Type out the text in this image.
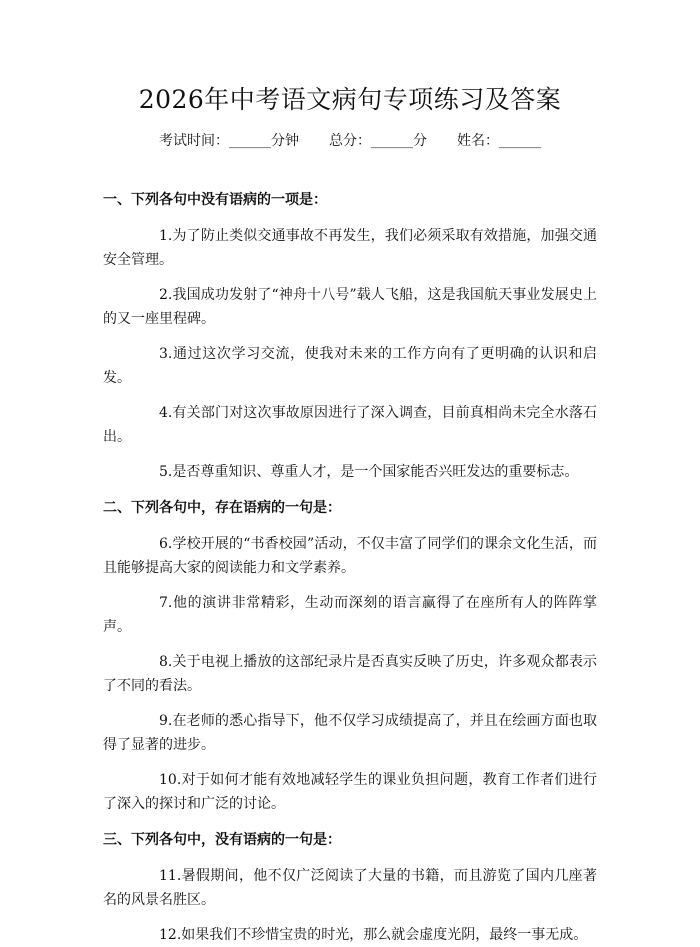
2026年中考语文病句专项练习及答案
考试时间：______分钟 总分：______分 姓名：______

一、下列各句中没有语病的一项是：

1.为了防止类似交通事故不再发生，我们必须采取有效措施，加强交通安全管理。

2.我国成功发射了“神舟十八号”载人飞船，这是我国航天事业发展史上的又一座里程碑。

3.通过这次学习交流，使我对未来的工作方向有了更明确的认识和启发。

4.有关部门对这次事故原因进行了深入调查，目前真相尚未完全水落石出。

5.是否尊重知识、尊重人才，是一个国家能否兴旺发达的重要标志。

二、下列各句中，存在语病的一句是：

6.学校开展的“书香校园”活动，不仅丰富了同学们的课余文化生活，而且能够提高大家的阅读能力和文学素养。

7.他的演讲非常精彩，生动而深刻的语言赢得了在座所有人的阵阵掌声。

8.关于电视上播放的这部纪录片是否真实反映了历史，许多观众都表示了不同的看法。

9.在老师的悉心指导下，他不仅学习成绩提高了，并且在绘画方面也取得了显著的进步。

10.对于如何才能有效地减轻学生的课业负担问题，教育工作者们进行了深入的探讨和广泛的讨论。

三、下列各句中，没有语病的一句是：

11.暑假期间，他不仅广泛阅读了大量的书籍，而且游览了国内几座著名的风景名胜区。

12.如果我们不珍惜宝贵的时光，那么就会虚度光阴，最终一事无成。
